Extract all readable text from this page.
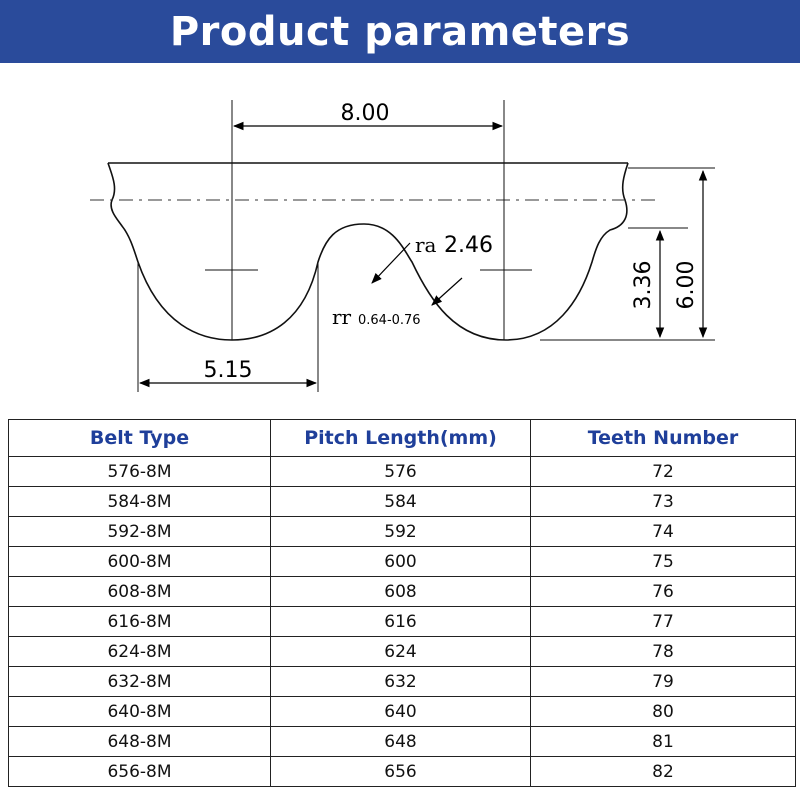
Product parameters
8.00
5.15
ra 2.46
rr 0.64-0.76
3.36 6.00
Belt Type	Pitch Length(mm)	Teeth Number
576-8M	576	72
584-8M	584	73
592-8M	592	74
600-8M	600	75
608-8M	608	76
616-8M	616	77
624-8M	624	78
632-8M	632	79
640-8M	640	80
648-8M	648	81
656-8M	656	82
